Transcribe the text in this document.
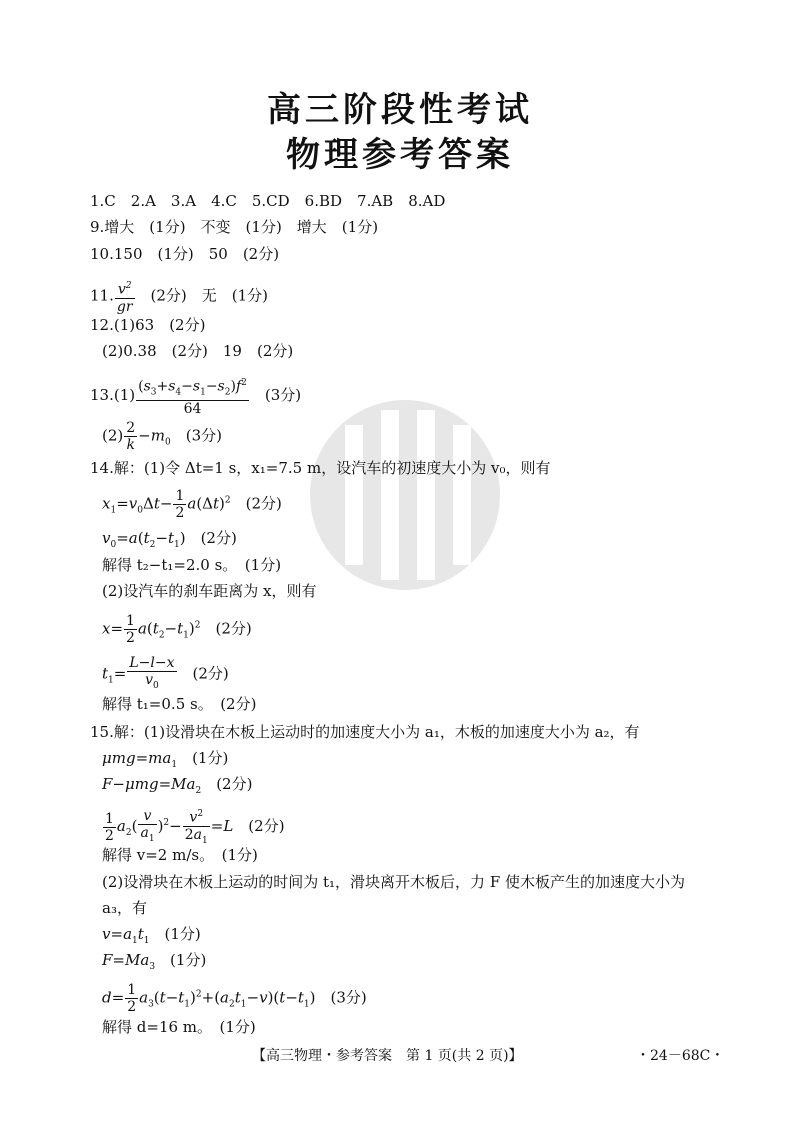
高三阶段性考试
物理参考答案
1.C　2.A　3.A　4.C　5.CD　6.BD　7.AB　8.AD
9.增大　(1分)　不变　(1分)　增大　(1分)
10.150　(1分)　50　(2分)
11. $\frac{v^2}{gr}$ 　(2分)　无　(1分)
12.(1)63　(2分)
(2)0.38　(2分)　19　(2分)
$13.(1) \frac{(s_3+s_4-s_1-s_2)f^2}{64}$ 　(3分)
$(2) \frac{2}{k} -m_0$　(3分)
14.解：(1)令 Δt=1 s，x₁=7.5 m，设汽车的初速度大小为 v₀，则有
$x_1=v_0\Delta t- \frac{1}{2} a(\Delta t)^2$　(2分)
$v_0=a(t_2-t_1)$　(2分)
解得 t₂−t₁=2.0 s。　(1分)
(2)设汽车的刹车距离为 x，则有
$x= \frac{1}{2} a(t_2-t_1)^2$　(2分)
$t_1= \frac{L-l-x}{v_0}$ 　(2分)
解得 t₁=0.5 s。　(2分)
15.解：(1)设滑块在木板上运动时的加速度大小为 a₁，木板的加速度大小为 a₂，有
$\mu mg=ma_1$　(1分)
$F-\mu mg=Ma_2$　(2分)
$\frac{1}{2} a_2( \frac{v}{a_1} )^2- \frac{v^2}{2a_1} =L$　(2分)
解得 v=2 m/s。　(1分)
(2)设滑块在木板上运动的时间为 t₁，滑块离开木板后，力 F 使木板产生的加速度大小为
a₃，有
$v=a_1t_1$　(1分)
$F=Ma_3$　(1分)
$d= \frac{1}{2} a_3(t-t_1)^2+(a_2t_1-v)(t-t_1)$　(3分)
解得 d=16 m。　(1分)
【高三物理・参考答案　第 1 页(共 2 页)】	・24－68C・
